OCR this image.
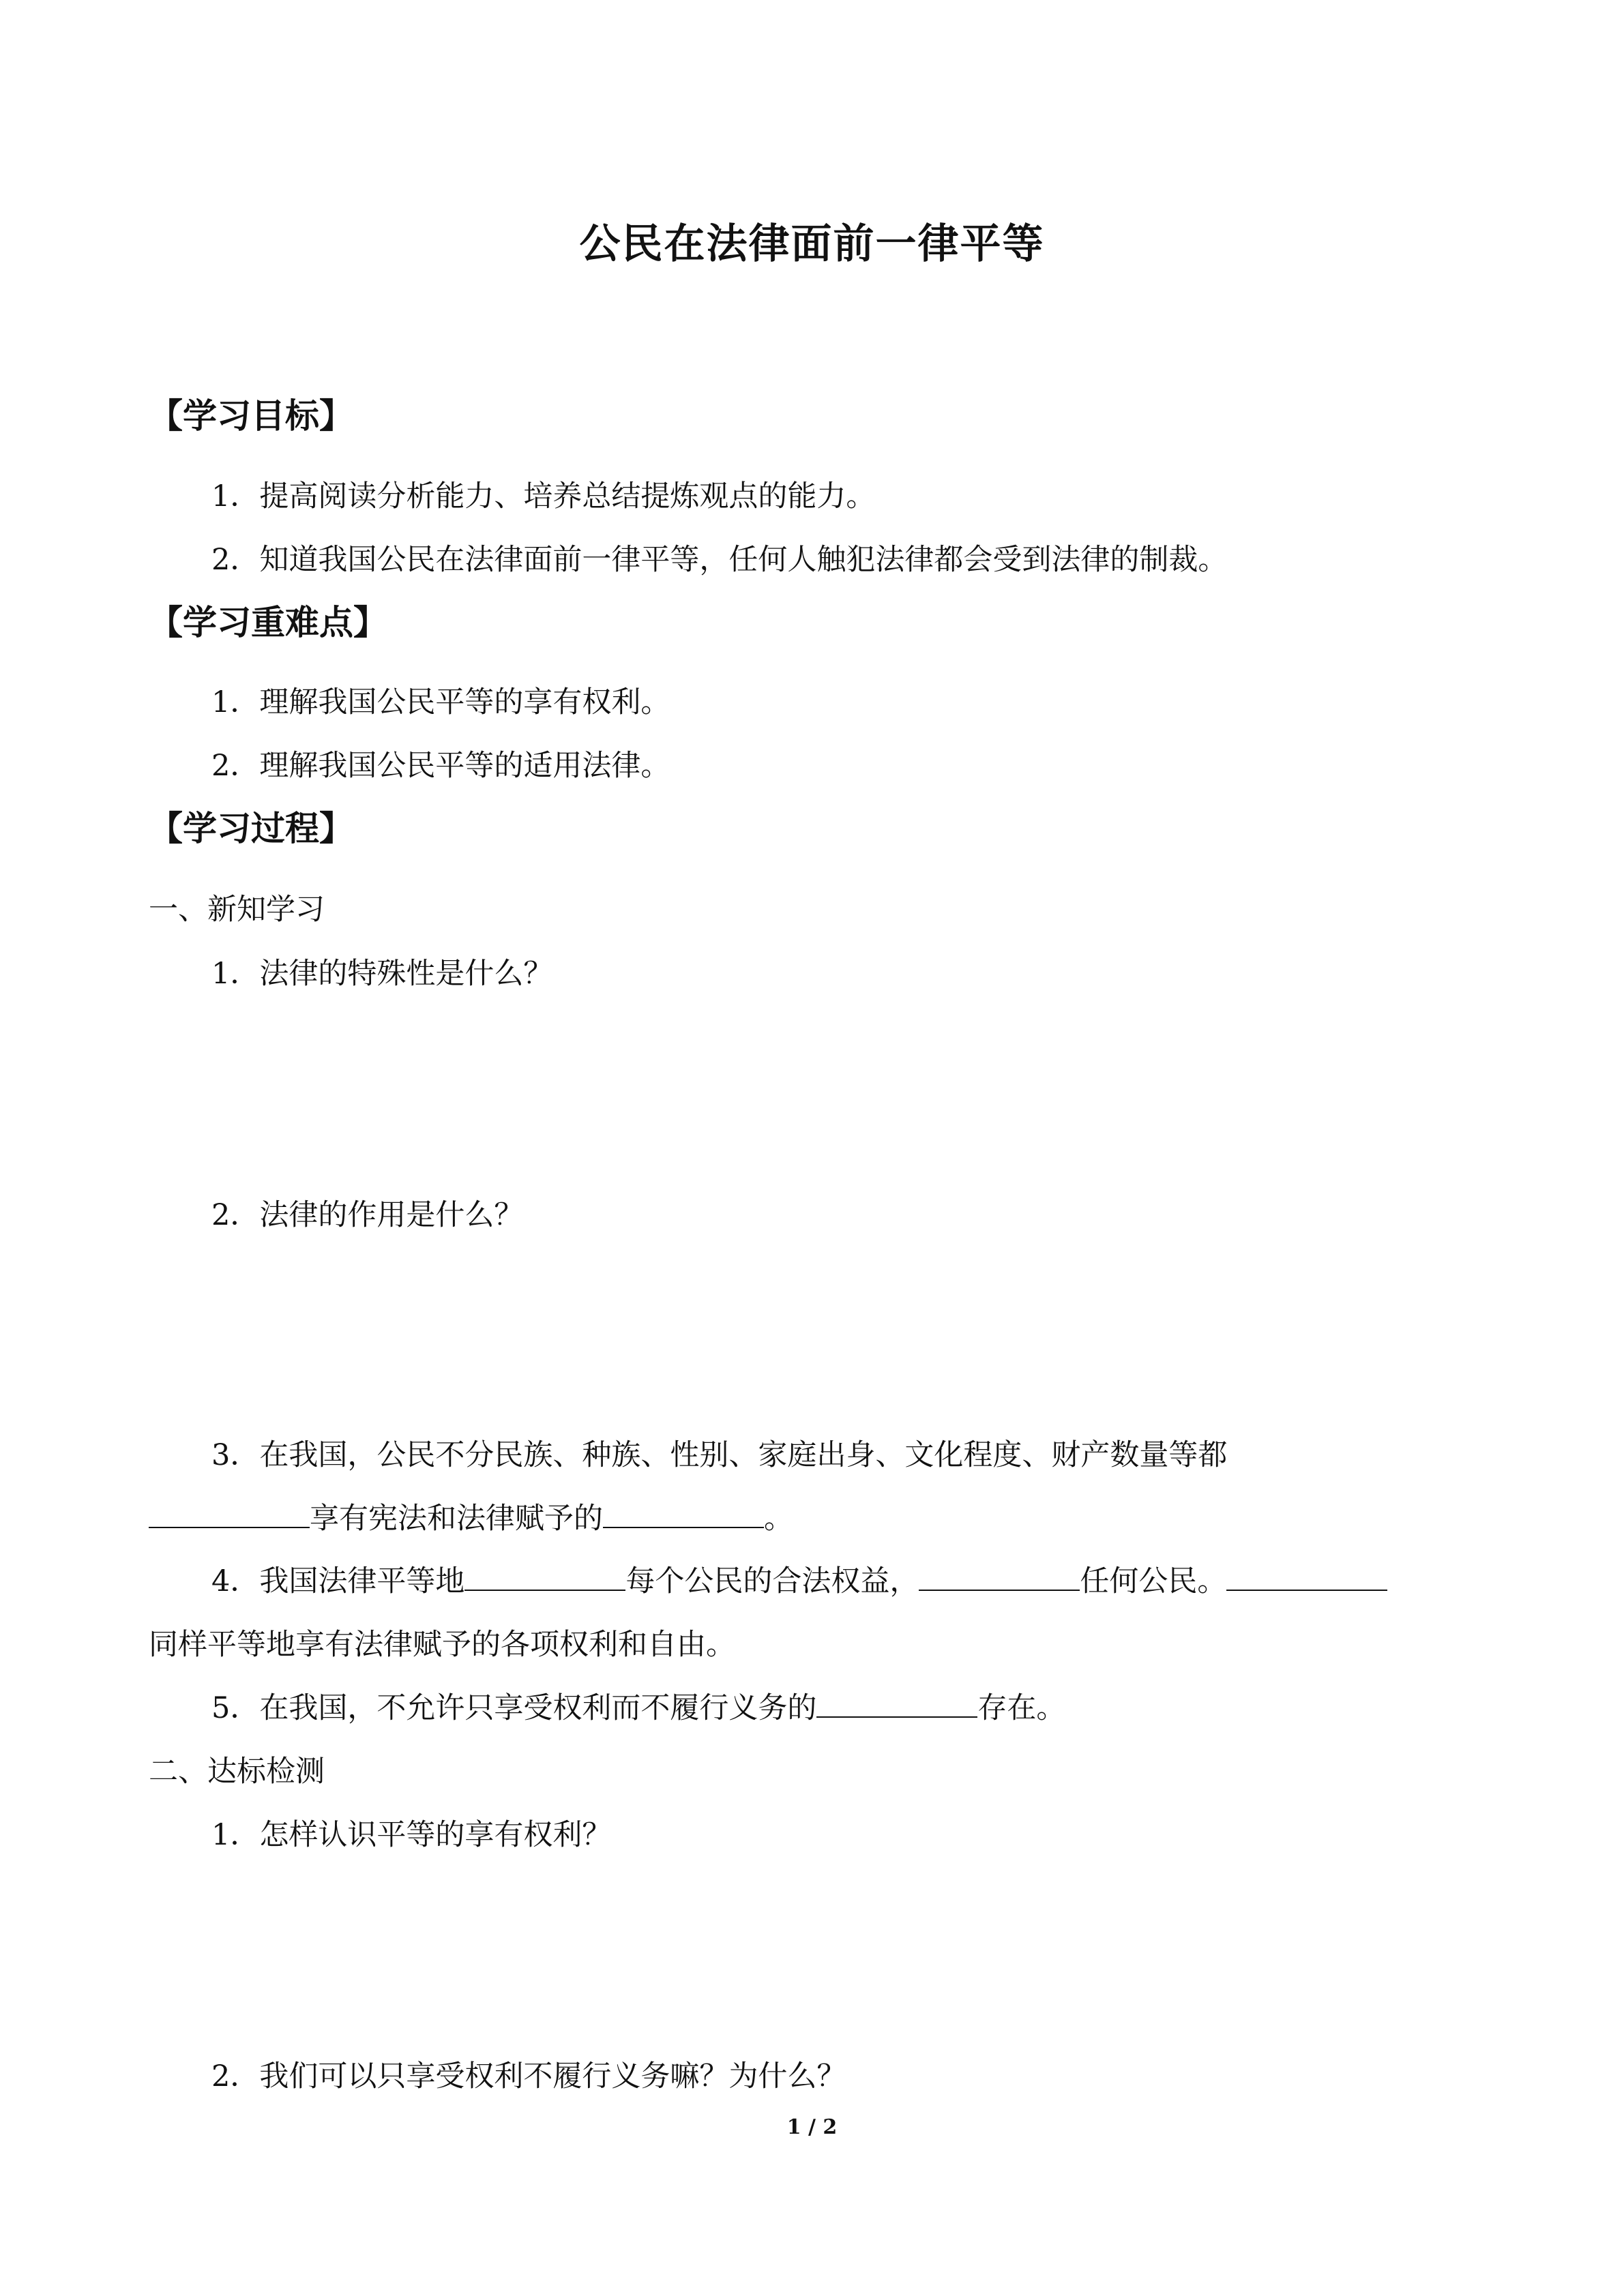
公民在法律面前一律平等
【学习目标】
1．提高阅读分析能力、培养总结提炼观点的能力。
2．知道我国公民在法律面前一律平等，任何人触犯法律都会受到法律的制裁。
【学习重难点】
1．理解我国公民平等的享有权利。
2．理解我国公民平等的适用法律。
【学习过程】
一、新知学习
1．法律的特殊性是什么？
2．法律的作用是什么？
3．在我国，公民不分民族、种族、性别、家庭出身、文化程度、财产数量等都
享有宪法和法律赋予的	。
4．我国法律平等地	每个公民的合法权益，	任何公民。
同样平等地享有法律赋予的各项权利和自由。
5．在我国，不允许只享受权利而不履行义务的	存在。
二、达标检测
1．怎样认识平等的享有权利？
2．我们可以只享受权利不履行义务嘛？为什么？
1 / 2
